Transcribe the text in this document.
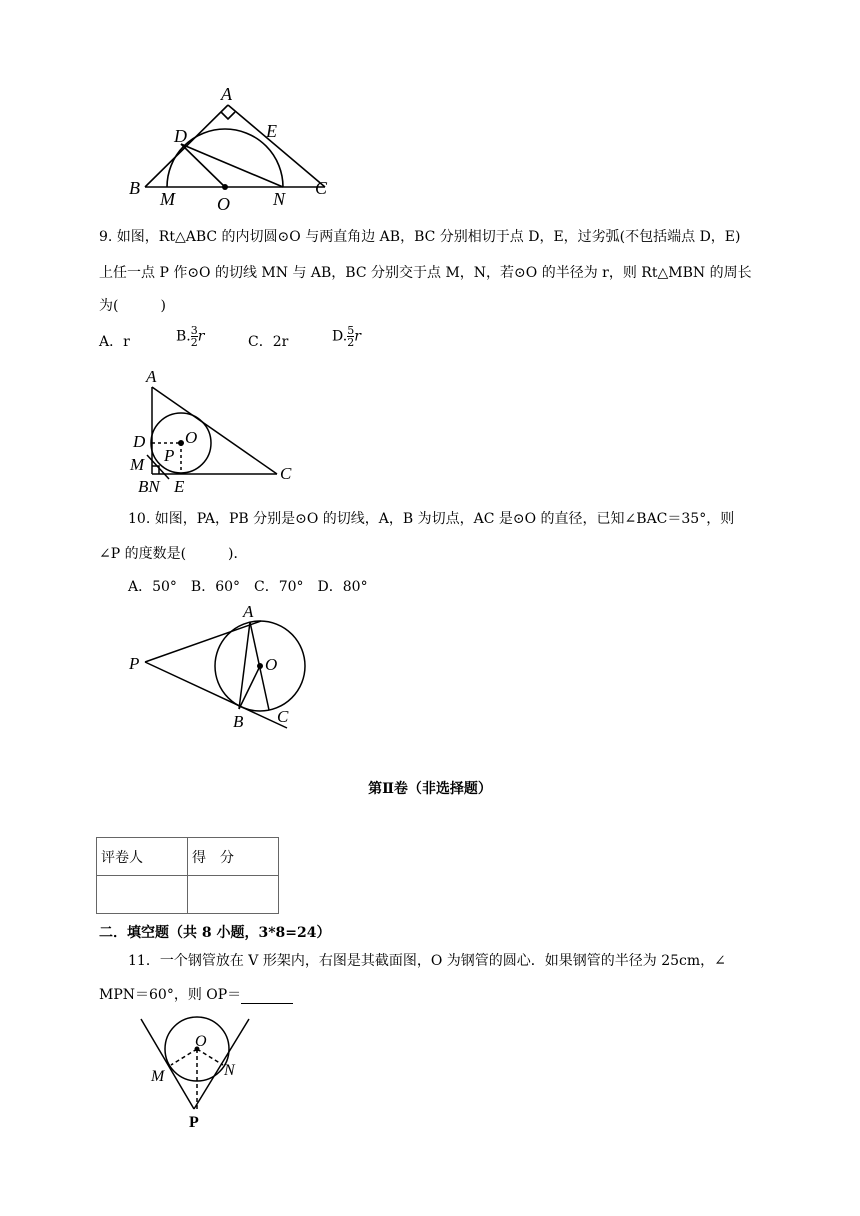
A
D	E
B
M O N
C
9. 如图，Rt△ABC 的内切圆⊙O 与两直角边 AB，BC 分别相切于点 D，E，过劣弧(不包括端点 D，E)
上任一点 P 作⊙O 的切线 MN 与 AB，BC 分别交于点 M，N，若⊙O 的半径为 r，则 Rt△MBN 的周长
为(　　　)
A．r	B. $\frac{3}{2}$ r	C．2r	D. $\frac{5}{2}$ r
A
D O
M P
BN E
C
10. 如图，PA，PB 分别是⊙O 的切线，A，B 为切点，AC 是⊙O 的直径，已知∠BAC＝35°，则
∠P 的度数是(　　　)．
A．50°　B．60°　C．70°　D．80°
A
P	O
B C
第Ⅱ卷（非选择题）
评卷人	得　分

二．填空题（共 8 小题，3*8=24）
11．一个钢管放在 V 形架内，右图是其截面图，O 为钢管的圆心．如果钢管的半径为 25cm，∠
MPN＝60°，则 OP＝
O
M	N
P
